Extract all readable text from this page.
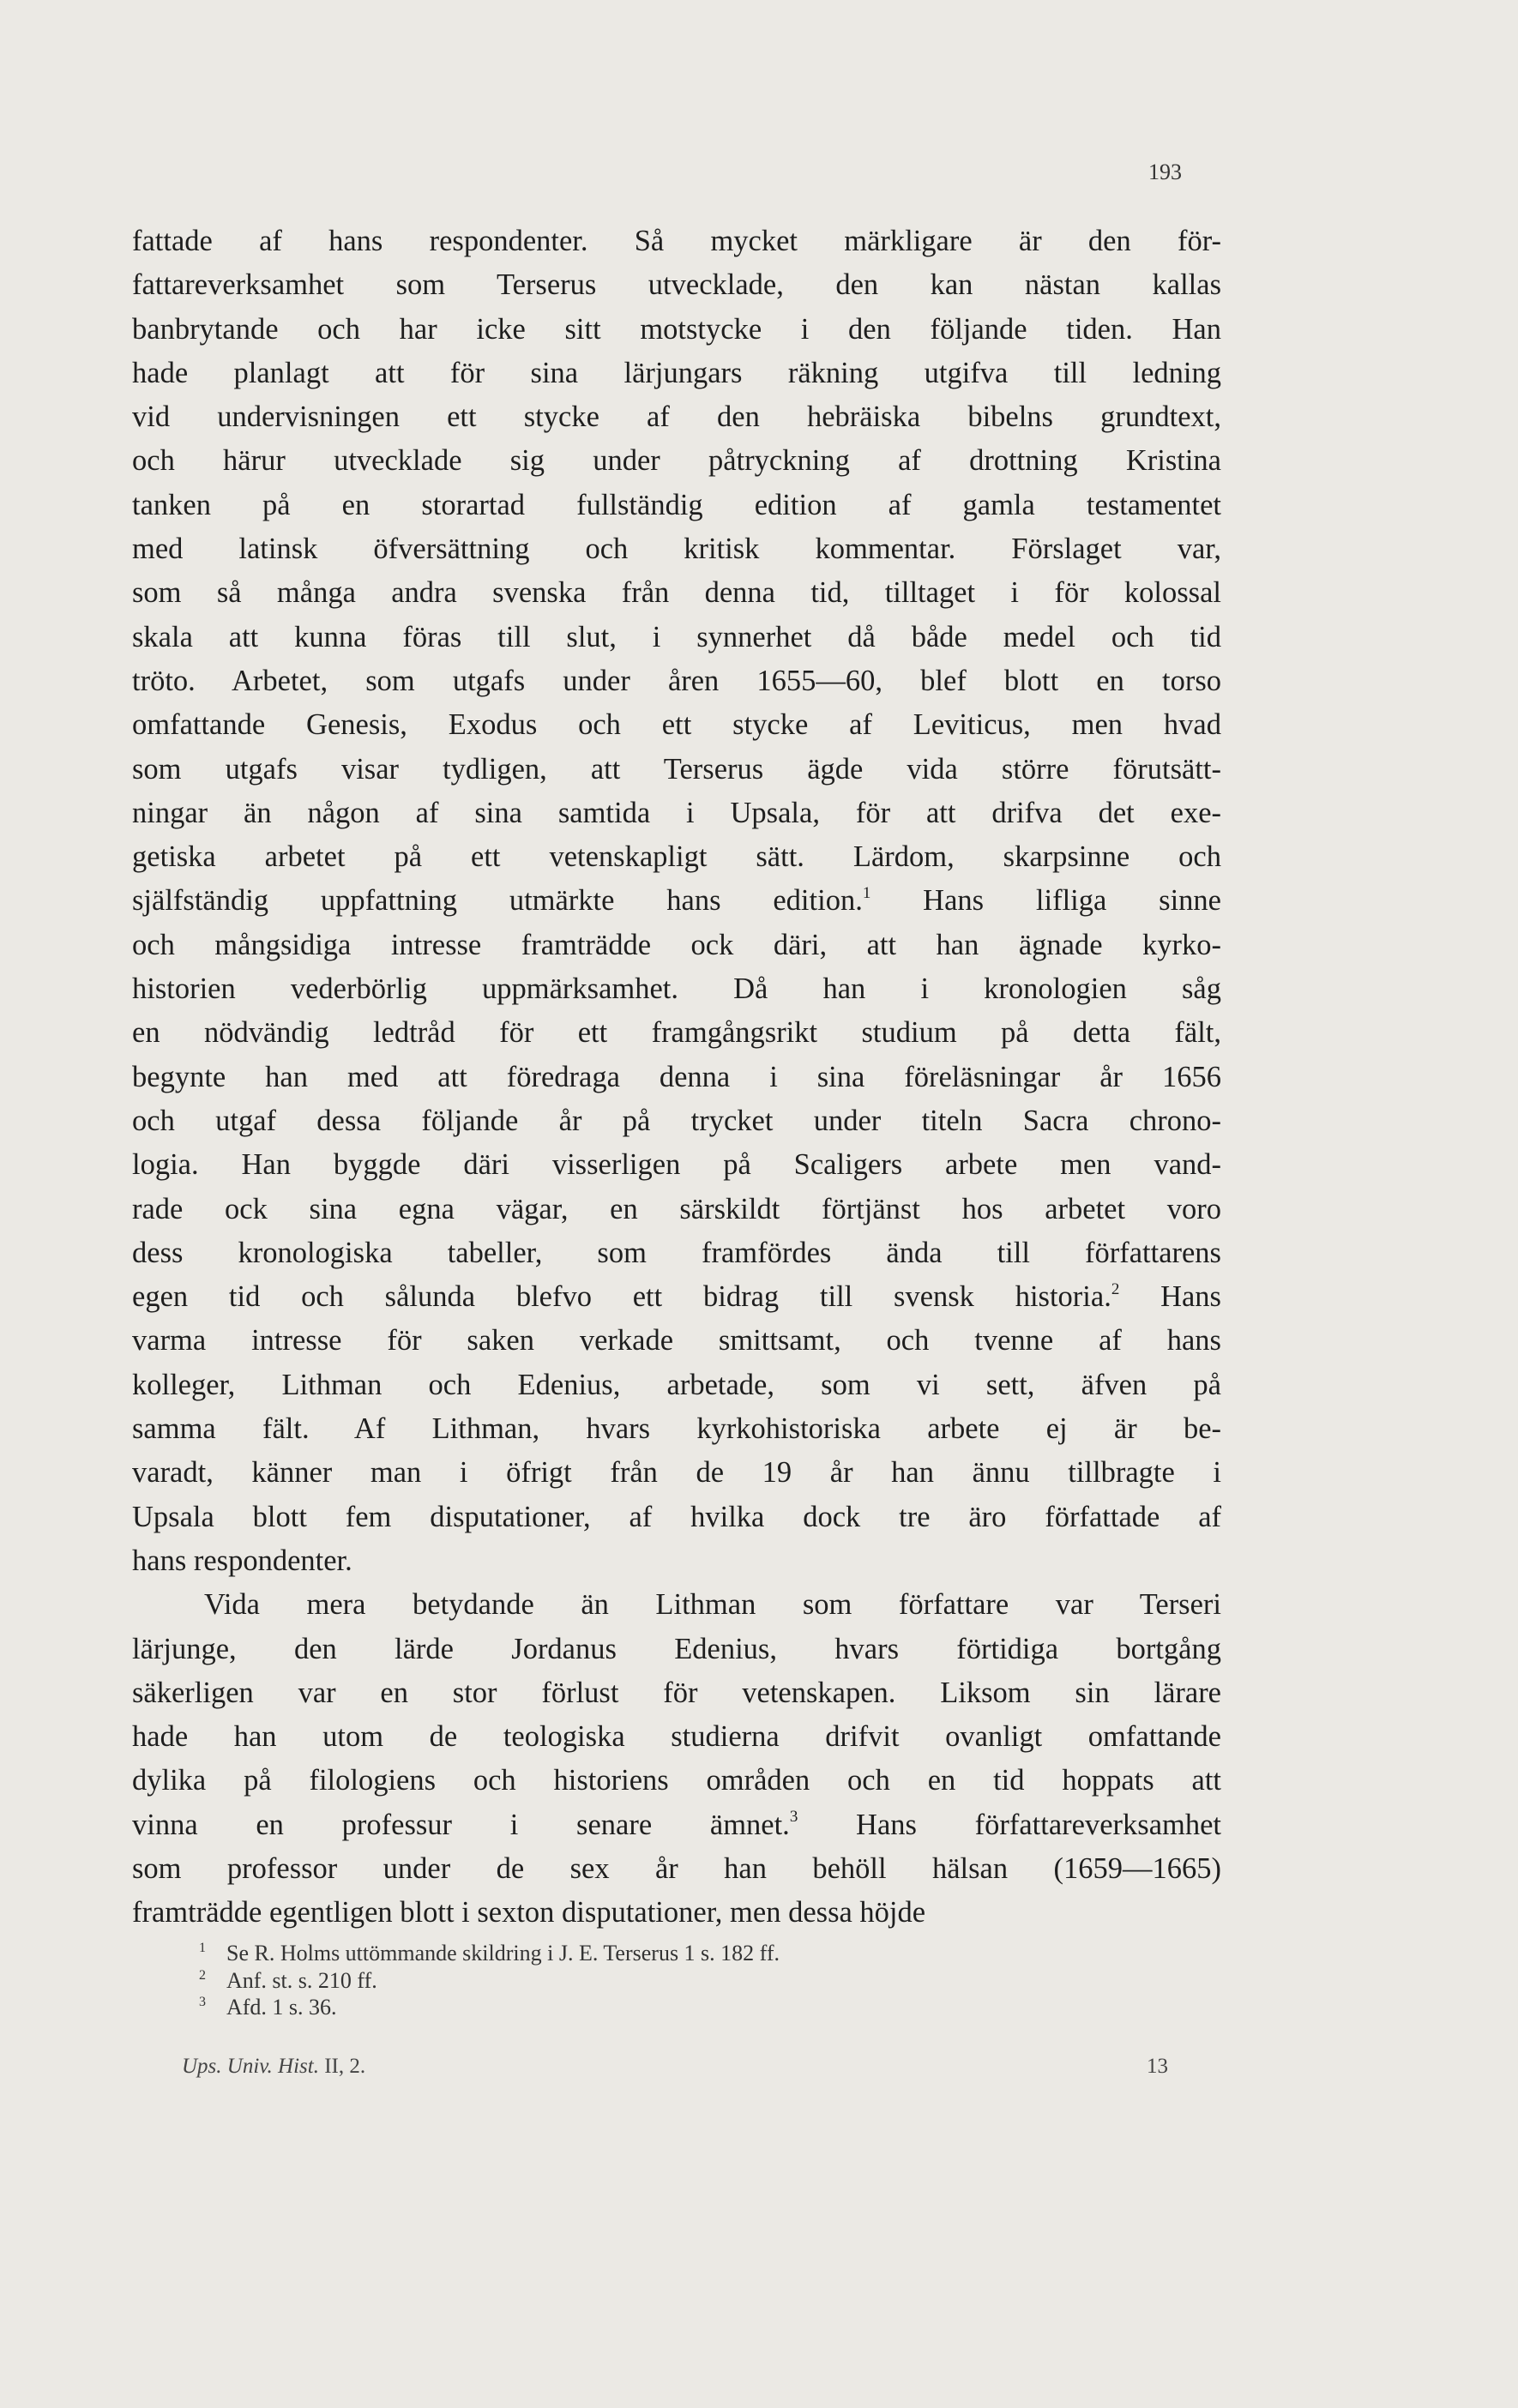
193
fattade af hans respondenter. Så mycket märkligare är den för-
fattareverksamhet som Terserus utvecklade, den kan nästan kallas
banbrytande och har icke sitt motstycke i den följande tiden. Han
hade planlagt att för sina lärjungars räkning utgifva till ledning
vid undervisningen ett stycke af den hebräiska bibelns grundtext,
och härur utvecklade sig under påtryckning af drottning Kristina
tanken på en storartad fullständig edition af gamla testamentet
med latinsk öfversättning och kritisk kommentar. Förslaget var,
som så många andra svenska från denna tid, tilltaget i för kolossal
skala att kunna föras till slut, i synnerhet då både medel och tid
tröto. Arbetet, som utgafs under åren 1655—60, blef blott en torso
omfattande Genesis, Exodus och ett stycke af Leviticus, men hvad
som utgafs visar tydligen, att Terserus ägde vida större förutsätt-
ningar än någon af sina samtida i Upsala, för att drifva det exe-
getiska arbetet på ett vetenskapligt sätt. Lärdom, skarpsinne och
själfständig uppfattning utmärkte hans edition.$^1$ Hans lifliga sinne
och mångsidiga intresse framträdde ock däri, att han ägnade kyrko-
historien vederbörlig uppmärksamhet. Då han i kronologien såg
en nödvändig ledtråd för ett framgångsrikt studium på detta fält,
begynte han med att föredraga denna i sina föreläsningar år 1656
och utgaf dessa följande år på trycket under titeln Sacra chrono-
logia. Han byggde däri visserligen på Scaligers arbete men vand-
rade ock sina egna vägar, en särskildt förtjänst hos arbetet voro
dess kronologiska tabeller, som framfördes ända till författarens
egen tid och sålunda blefvo ett bidrag till svensk historia.$^2$ Hans
varma intresse för saken verkade smittsamt, och tvenne af hans
kolleger, Lithman och Edenius, arbetade, som vi sett, äfven på
samma fält. Af Lithman, hvars kyrkohistoriska arbete ej är be-
varadt, känner man i öfrigt från de 19 år han ännu tillbragte i
Upsala blott fem disputationer, af hvilka dock tre äro författade af
hans respondenter.
Vida mera betydande än Lithman som författare var Terseri
lärjunge, den lärde Jordanus Edenius, hvars förtidiga bortgång
säkerligen var en stor förlust för vetenskapen. Liksom sin lärare
hade han utom de teologiska studierna drifvit ovanligt omfattande
dylika på filologiens och historiens områden och en tid hoppats att
vinna en professur i senare ämnet.$^3$ Hans författareverksamhet
som professor under de sex år han behöll hälsan (1659—1665)
framträdde egentligen blott i sexton disputationer, men dessa höjde
1 Se R. Holms uttömmande skildring i J. E. Terserus 1 s. 182 ff.
2 Anf. st. s. 210 ff.
3 Afd. 1 s. 36.
Ups. Univ. Hist. II, 2.	13
